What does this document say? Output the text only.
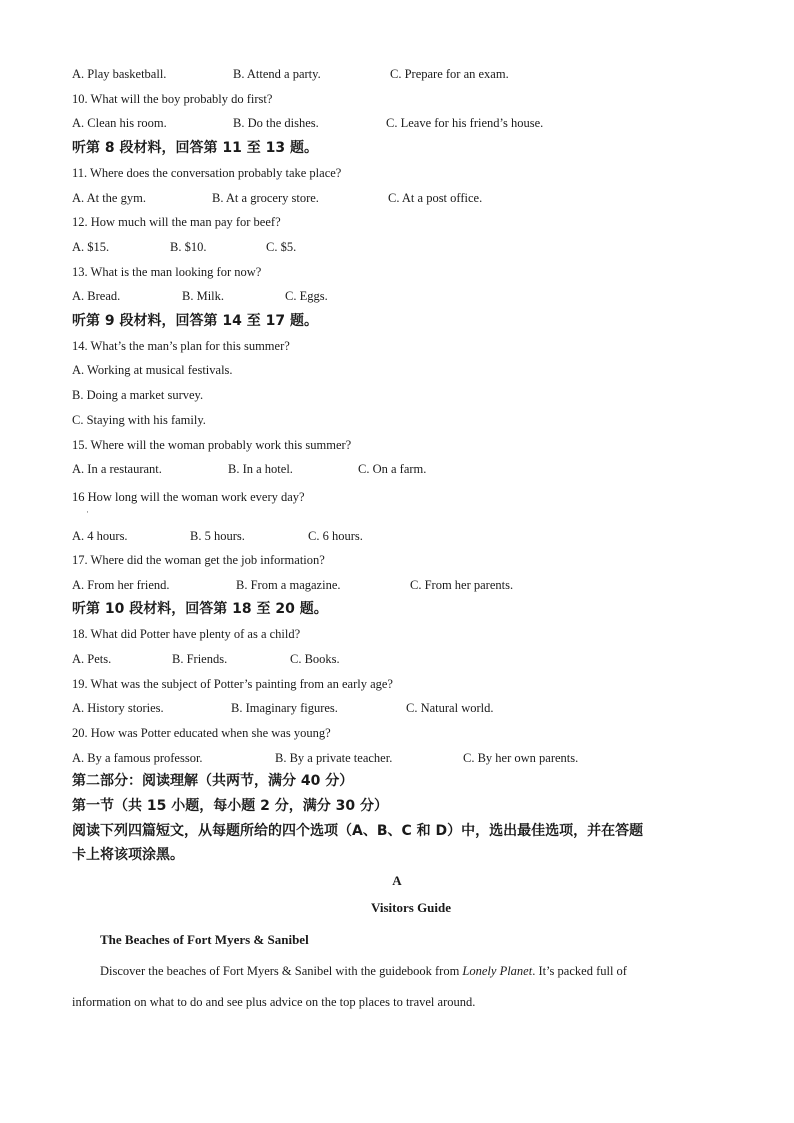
A. Play basketball.	B. Attend a party.	C. Prepare for an exam.
10. What will the boy probably do first?
A. Clean his room.	B. Do the dishes.	C. Leave for his friend’s house.
听第 8 段材料，回答第 11 至 13 题。
11. Where does the conversation probably take place?
A. At the gym.	B. At a grocery store.	C. At a post office.
12. How much will the man pay for beef?
A. $15.	B. $10.	C. $5.
13. What is the man looking for now?
A. Bread.	B. Milk.	C. Eggs.
听第 9 段材料，回答第 14 至 17 题。
14. What’s the man’s plan for this summer?
A. Working at musical festivals.
B. Doing a market survey.
C. Staying with his family.
15. Where will the woman probably work this summer?
A. In a restaurant.	B. In a hotel.	C. On a farm.
16 How long will the woman work every day?
·
A. 4 hours.	B. 5 hours.	C. 6 hours.
17. Where did the woman get the job information?
A. From her friend.	B. From a magazine.	C. From her parents.
听第 10 段材料，回答第 18 至 20 题。
18. What did Potter have plenty of as a child?
A. Pets.	B. Friends.	C. Books.
19. What was the subject of Potter’s painting from an early age?
A. History stories.	B. Imaginary figures.	C. Natural world.
20. How was Potter educated when she was young?
A. By a famous professor.	B. By a private teacher.	C. By her own parents.
第二部分：阅读理解（共两节，满分 40 分）
第一节（共 15 小题，每小题 2 分，满分 30 分）
阅读下列四篇短文，从每题所给的四个选项（A、B、C 和 D）中，选出最佳选项，并在答题
卡上将该项涂黑。
A
Visitors Guide
The Beaches of Fort Myers & Sanibel
Discover the beaches of Fort Myers & Sanibel with the guidebook from Lonely Planet. It’s packed full of
information on what to do and see plus advice on the top places to travel around.
